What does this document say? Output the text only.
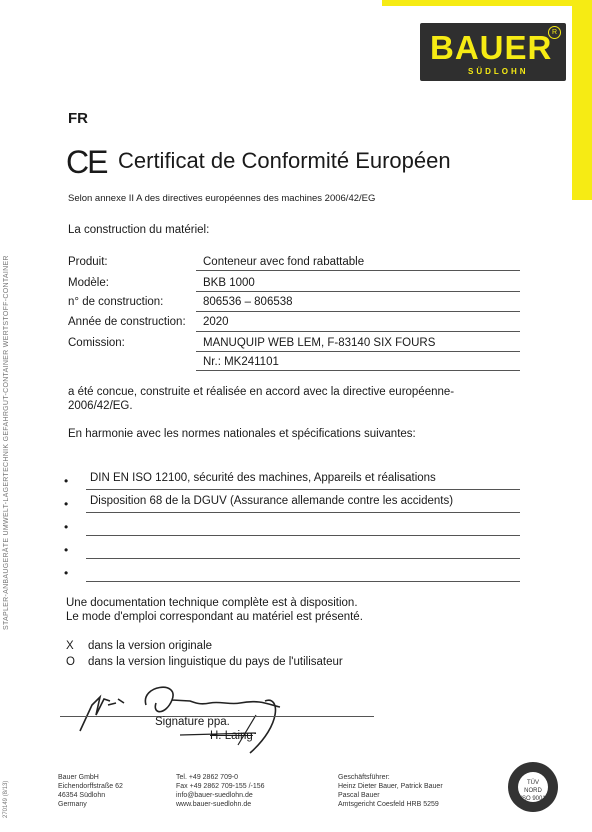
BAUER
SÜDLOHN
R
FR
CE Certificat de Conformité Européen
Selon annexe II A des directives européennes des machines 2006/42/EG
La construction du matériel:
Produit:	Conteneur avec fond rabattable
Modèle:	BKB 1000
n° de construction:	806536 – 806538
Année de construction: 2020
Comission:	MANUQUIP WEB LEM, F-83140 SIX FOURS
Nr.: MK241101
a été concue, construite et réalisée en accord avec la directive européenne-
2006/42/EG.
En harmonie avec les normes nationales et spécifications suivantes:
• DIN EN ISO 12100, sécurité des machines, Appareils et réalisations
• Disposition 68 de la DGUV (Assurance allemande contre les accidents)
•
•
•
Une documentation technique complète est à disposition.
Le mode d'emploi correspondant au matériel est présenté.
X dans la version originale
O dans la version linguistique du pays de l'utilisateur
Signature ppa.
H. Laing
STAPLER-ANBAUGERÄTE UMWELT-LAGERTECHNIK GEFAHRGUT-CONTAINER WERTSTOFF-CONTAINER
270149 (8/13)
Bauer GmbH
Eichendorffstraße 62
46354 Südlohn
Germany
Tel. +49 2862 709-0
Fax +49 2862 709-155 /-156
info@bauer-suedlohn.de
www.bauer-suedlohn.de
Geschäftsführer:
Heinz Dieter Bauer, Patrick Bauer
Pascal Bauer
Amtsgericht Coesfeld HRB 5259
TÜV NORD
ISO 9001
